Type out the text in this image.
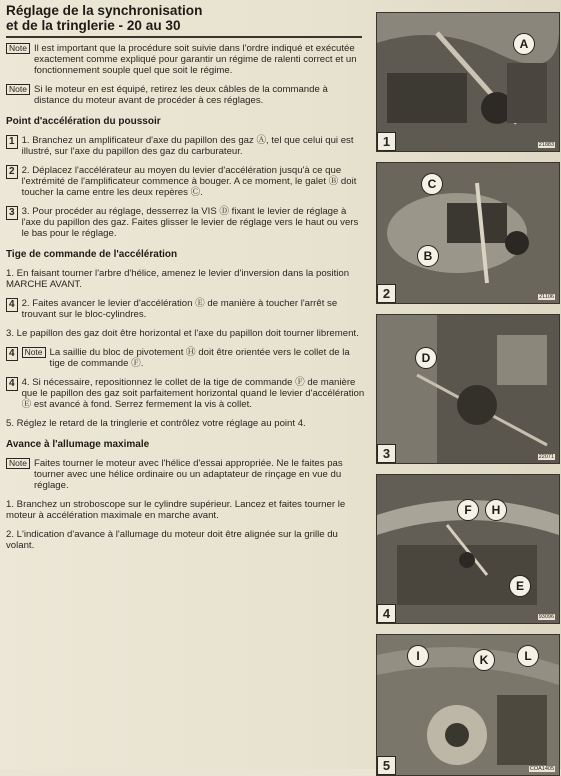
Réglage de la synchronisation
et de la tringlerie - 20 au 30
Note Il est important que la procédure soit suivie dans l'ordre indiqué et exécutée exactement comme expliqué pour garantir un régime de ralenti correct et un fonctionnement souple quel que soit le régime.
Note Si le moteur en est équipé, retirez les deux câbles de la commande à distance du moteur avant de procéder à ces réglages.
Point d'accélération du poussoir
1 1. Branchez un amplificateur d'axe du papillon des gaz Ⓐ, tel que celui qui est illustré, sur l'axe du papillon des gaz du carburateur.
2 2. Déplacez l'accélérateur au moyen du levier d'accélération jusqu'à ce que l'extrémité de l'amplificateur commence à bouger. A ce moment, le galet Ⓑ doit toucher la came entre les deux repères Ⓒ.
3 3. Pour procéder au réglage, desserrez la VIS Ⓓ fixant le levier de réglage à l'axe du papillon des gaz. Faites glisser le levier de réglage vers le haut ou vers le bas pour le réglage.
Tige de commande de l'accélération

1. En faisant tourner l'arbre d'hélice, amenez le levier d'inversion dans la position MARCHE AVANT.

4 2. Faites avancer le levier d'accélération Ⓔ de manière à toucher l'arrêt se trouvant sur le bloc-cylindres.

3. Le papillon des gaz doit être horizontal et l'axe du papillon doit tourner librement.

4	Note La saillie du bloc de pivotement Ⓗ doit être orientée vers le collet de la tige de commande Ⓕ.
4 4. Si nécessaire, repositionnez le collet de la tige de commande Ⓕ de manière que le papillon des gaz soit parfaitement horizontal quand le levier d'accélération Ⓔ est avancé à fond. Serrez fermement la vis à collet.

5. Réglez le retard de la tringlerie et contrôlez votre réglage au point 4.

Avance à l'allumage maximale
Note Faites tourner le moteur avec l'hélice d'essai appropriée. Ne le faites pas tourner avec une hélice ordinaire ou un adaptateur de rinçage en vue du réglage.

1. Branchez un stroboscope sur le cylindre supérieur. Lancez et faites tourner le moteur à accélération maximale en marche avant.

2. L'indication d'avance à l'allumage du moteur doit être alignée sur la grille du volant.

A
1	21883
C
B
2	21106
D
3	22071
F	H
E
4	93096
I	K	L
5	COA1405
